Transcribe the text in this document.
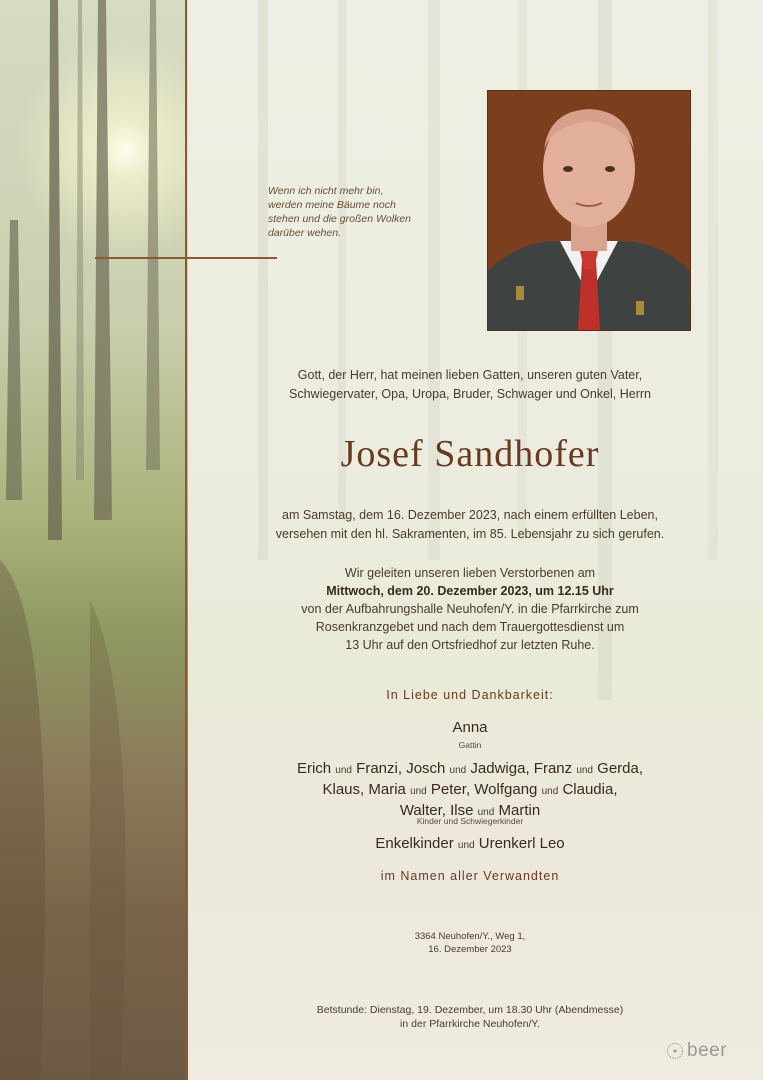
Wenn ich nicht mehr bin,
werden meine Bäume noch
stehen und die großen Wolken
darüber wehen.
Gott, der Herr, hat meinen lieben Gatten, unseren guten Vater,
Schwiegervater, Opa, Uropa, Bruder, Schwager und Onkel, Herrn
Josef Sandhofer
am Samstag, dem 16. Dezember 2023, nach einem erfüllten Leben,
versehen mit den hl. Sakramenten, im 85. Lebensjahr zu sich gerufen.
Wir geleiten unseren lieben Verstorbenen am
Mittwoch, dem 20. Dezember 2023, um 12.15 Uhr
von der Aufbahrungshalle Neuhofen/Y. in die Pfarrkirche zum
Rosenkranzgebet und nach dem Trauergottesdienst um
13 Uhr auf den Ortsfriedhof zur letzten Ruhe.
In Liebe und Dankbarkeit:
Anna
Gattin
Erich und Franzi, Josch und Jadwiga, Franz und Gerda,
Klaus, Maria und Peter, Wolfgang und Claudia,
Walter, Ilse und Martin
Kinder und Schwiegerkinder
Enkelkinder und Urenkerl Leo
im Namen aller Verwandten
3364 Neuhofen/Y., Weg 1,
16. Dezember 2023
Betstunde: Dienstag, 19. Dezember, um 18.30 Uhr (Abendmesse)
in der Pfarrkirche Neuhofen/Y.
beer
